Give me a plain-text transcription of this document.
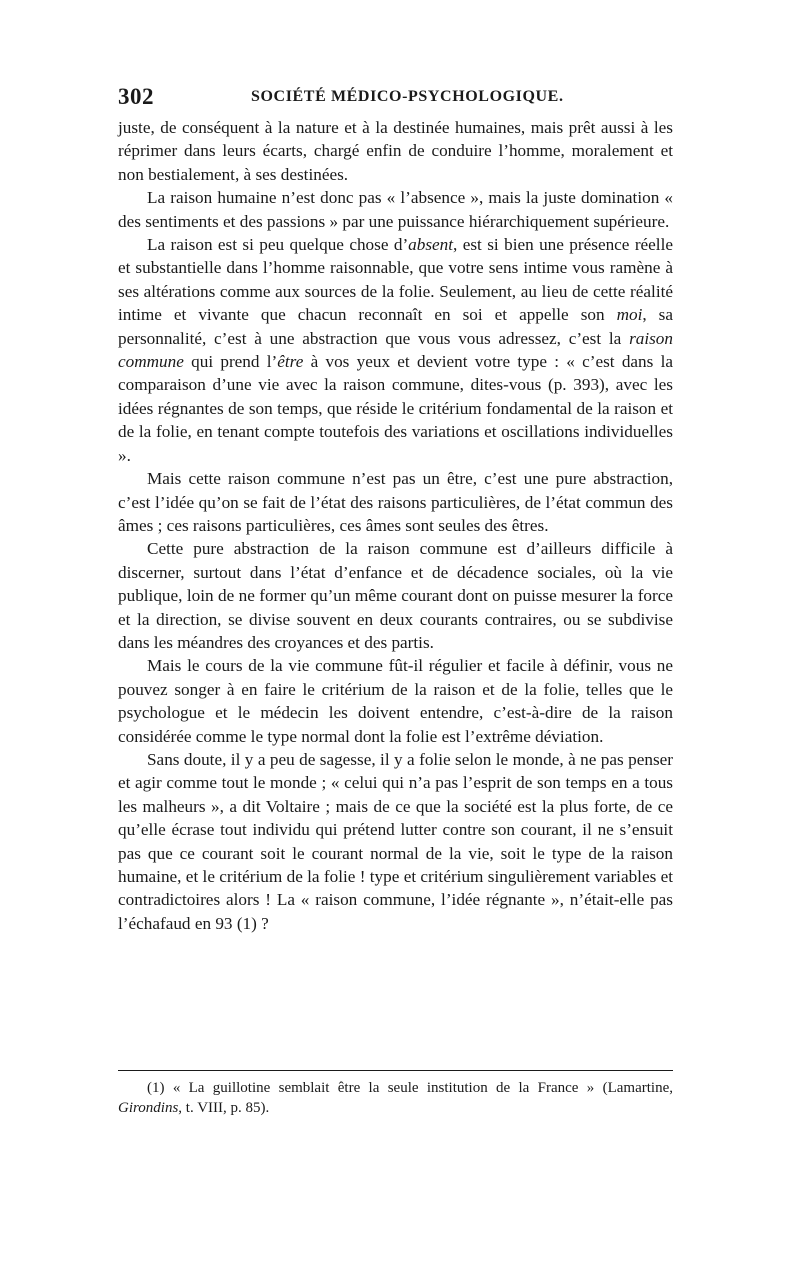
302	SOCIÉTÉ MÉDICO-PSYCHOLOGIQUE.

juste, de conséquent à la nature et à la destinée humaines, mais prêt aussi à les réprimer dans leurs écarts, chargé enfin de conduire l’homme, moralement et non bestialement, à ses destinées.

La raison humaine n’est donc pas « l’absence », mais la juste domination « des sentiments et des passions » par une puissance hiérarchiquement supérieure.

La raison est si peu quelque chose d’absent, est si bien une présence réelle et substantielle dans l’homme raisonnable, que votre sens intime vous ramène à ses altérations comme aux sources de la folie. Seulement, au lieu de cette réalité intime et vivante que chacun reconnaît en soi et appelle son moi, sa personnalité, c’est à une abstraction que vous vous adressez, c’est la raison commune qui prend l’être à vos yeux et devient votre type : « c’est dans la comparaison d’une vie avec la raison commune, dites-vous (p. 393), avec les idées régnantes de son temps, que réside le critérium fondamental de la raison et de la folie, en tenant compte toutefois des variations et oscillations individuelles ».

Mais cette raison commune n’est pas un être, c’est une pure abstraction, c’est l’idée qu’on se fait de l’état des raisons particulières, de l’état commun des âmes ; ces raisons particulières, ces âmes sont seules des êtres.

Cette pure abstraction de la raison commune est d’ailleurs difficile à discerner, surtout dans l’état d’enfance et de décadence sociales, où la vie publique, loin de ne former qu’un même courant dont on puisse mesurer la force et la direction, se divise souvent en deux courants contraires, ou se subdivise dans les méandres des croyances et des partis.

Mais le cours de la vie commune fût-il régulier et facile à définir, vous ne pouvez songer à en faire le critérium de la raison et de la folie, telles que le psychologue et le médecin les doivent entendre, c’est-à-dire de la raison considérée comme le type normal dont la folie est l’extrême déviation.

Sans doute, il y a peu de sagesse, il y a folie selon le monde, à ne pas penser et agir comme tout le monde ; « celui qui n’a pas l’esprit de son temps en a tous les malheurs », a dit Voltaire ; mais de ce que la société est la plus forte, de ce qu’elle écrase tout individu qui prétend lutter contre son courant, il ne s’ensuit pas que ce courant soit le courant normal de la vie, soit le type de la raison humaine, et le critérium de la folie ! type et critérium singulièrement variables et contradictoires alors ! La « raison commune, l’idée régnante », n’était-elle pas l’échafaud en 93 (1) ?

(1) « La guillotine semblait être la seule institution de la France » (Lamartine, Girondins, t. VIII, p. 85).
